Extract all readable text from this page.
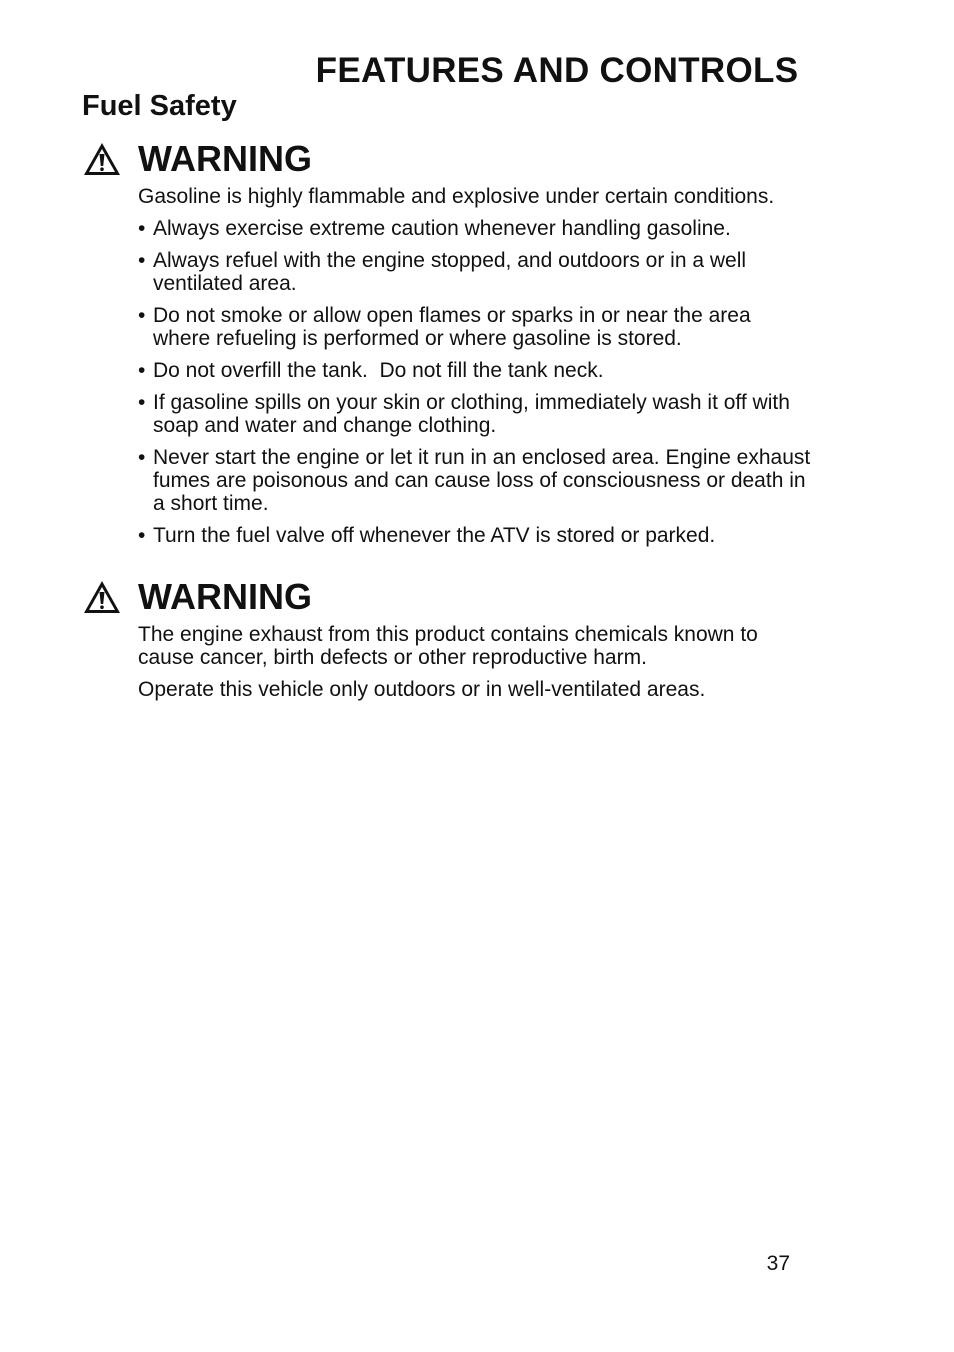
FEATURES AND CONTROLS
Fuel Safety
WARNING

Gasoline is highly flammable and explosive under certain conditions.

• Always exercise extreme caution whenever handling gasoline.
• Always refuel with the engine stopped, and outdoors or in a well ventilated area.
• Do not smoke or allow open flames or sparks in or near the area where refueling is performed or where gasoline is stored.
• Do not overfill the tank.  Do not fill the tank neck.
• If gasoline spills on your skin or clothing, immediately wash it off with soap and water and change clothing.
• Never start the engine or let it run in an enclosed area. Engine exhaust fumes are poisonous and can cause loss of consciousness or death in a short time.
• Turn the fuel valve off whenever the ATV is stored or parked.
WARNING

The engine exhaust from this product contains chemicals known to cause cancer, birth defects or other reproductive harm.

Operate this vehicle only outdoors or in well-ventilated areas.

37
